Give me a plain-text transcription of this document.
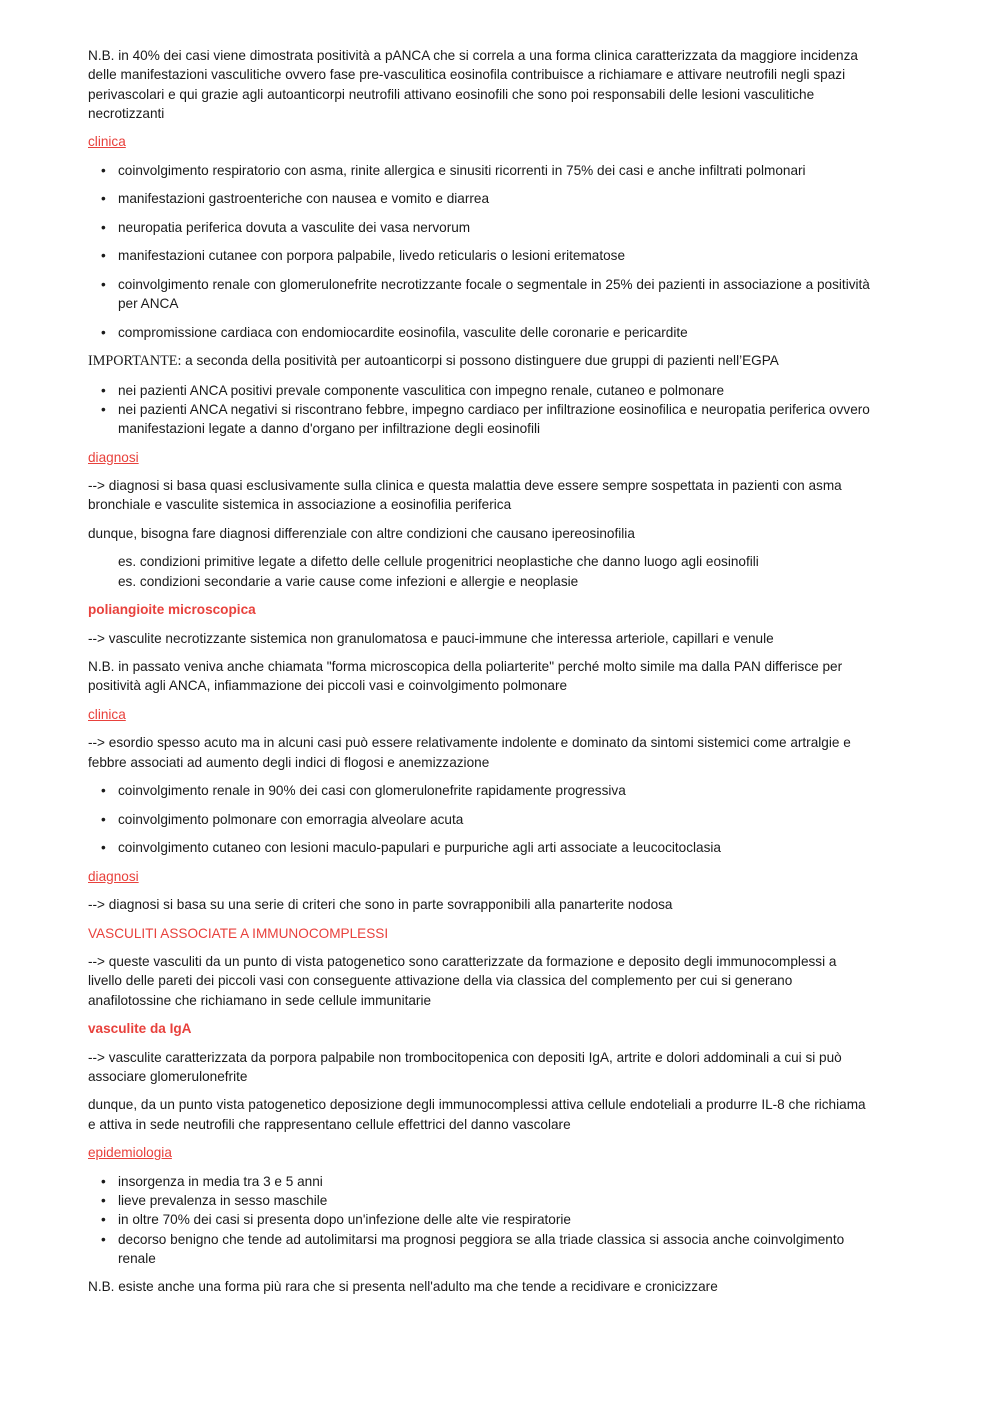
N.B. in 40% dei casi viene dimostrata positività a pANCA che si correla a una forma clinica caratterizzata da maggiore incidenza delle manifestazioni vasculitiche ovvero fase pre-vasculitica eosinofila contribuisce a richiamare e attivare neutrofili negli spazi perivascolari e qui grazie agli autoanticorpi neutrofili attivano eosinofili che sono poi responsabili delle lesioni vasculitiche necrotizzanti

clinica

• coinvolgimento respiratorio con asma, rinite allergica e sinusiti ricorrenti in 75% dei casi e anche infiltrati polmonari
• manifestazioni gastroenteriche con nausea e vomito e diarrea
• neuropatia periferica dovuta a vasculite dei vasa nervorum
• manifestazioni cutanee con porpora palpabile, livedo reticularis o lesioni eritematose
• coinvolgimento renale con glomerulonefrite necrotizzante focale o segmentale in 25% dei pazienti in associazione a positività per ANCA
• compromissione cardiaca con endomiocardite eosinofila, vasculite delle coronarie e pericardite

IMPORTANTE: a seconda della positività per autoanticorpi si possono distinguere due gruppi di pazienti nell’EGPA

• nei pazienti ANCA positivi prevale componente vasculitica con impegno renale, cutaneo e polmonare
• nei pazienti ANCA negativi si riscontrano febbre, impegno cardiaco per infiltrazione eosinofilica e neuropatia periferica ovvero manifestazioni legate a danno d'organo per infiltrazione degli eosinofili

diagnosi

--> diagnosi si basa quasi esclusivamente sulla clinica e questa malattia deve essere sempre sospettata in pazienti con asma bronchiale e vasculite sistemica in associazione a eosinofilia periferica

dunque, bisogna fare diagnosi differenziale con altre condizioni che causano ipereosinofilia

es. condizioni primitive legate a difetto delle cellule progenitrici neoplastiche che danno luogo agli eosinofili

es. condizioni secondarie a varie cause come infezioni e allergie e neoplasie

poliangioite microscopica

--> vasculite necrotizzante sistemica non granulomatosa e pauci-immune che interessa arteriole, capillari e venule

N.B. in passato veniva anche chiamata "forma microscopica della poliarterite" perché molto simile ma dalla PAN differisce per positività agli ANCA, infiammazione dei piccoli vasi e coinvolgimento polmonare

clinica

--> esordio spesso acuto ma in alcuni casi può essere relativamente indolente e dominato da sintomi sistemici come artralgie e febbre associati ad aumento degli indici di flogosi e anemizzazione

• coinvolgimento renale in 90% dei casi con glomerulonefrite rapidamente progressiva
• coinvolgimento polmonare con emorragia alveolare acuta
• coinvolgimento cutaneo con lesioni maculo-papulari e purpuriche agli arti associate a leucocitoclasia

diagnosi

--> diagnosi si basa su una serie di criteri che sono in parte sovrapponibili alla panarterite nodosa

VASCULITI ASSOCIATE A IMMUNOCOMPLESSI

--> queste vasculiti da un punto di vista patogenetico sono caratterizzate da formazione e deposito degli immunocomplessi a livello delle pareti dei piccoli vasi con conseguente attivazione della via classica del complemento per cui si generano anafilotossine che richiamano in sede cellule immunitarie

vasculite da IgA

--> vasculite caratterizzata da porpora palpabile non trombocitopenica con depositi IgA, artrite e dolori addominali a cui si può associare glomerulonefrite

dunque, da un punto vista patogenetico deposizione degli immunocomplessi attiva cellule endoteliali a produrre IL-8 che richiama e attiva in sede neutrofili che rappresentano cellule effettrici del danno vascolare

epidemiologia

• insorgenza in media tra 3 e 5 anni
• lieve prevalenza in sesso maschile
• in oltre 70% dei casi si presenta dopo un'infezione delle alte vie respiratorie
• decorso benigno che tende ad autolimitarsi ma prognosi peggiora se alla triade classica si associa anche coinvolgimento renale

N.B. esiste anche una forma più rara che si presenta nell'adulto ma che tende a recidivare e cronicizzare
